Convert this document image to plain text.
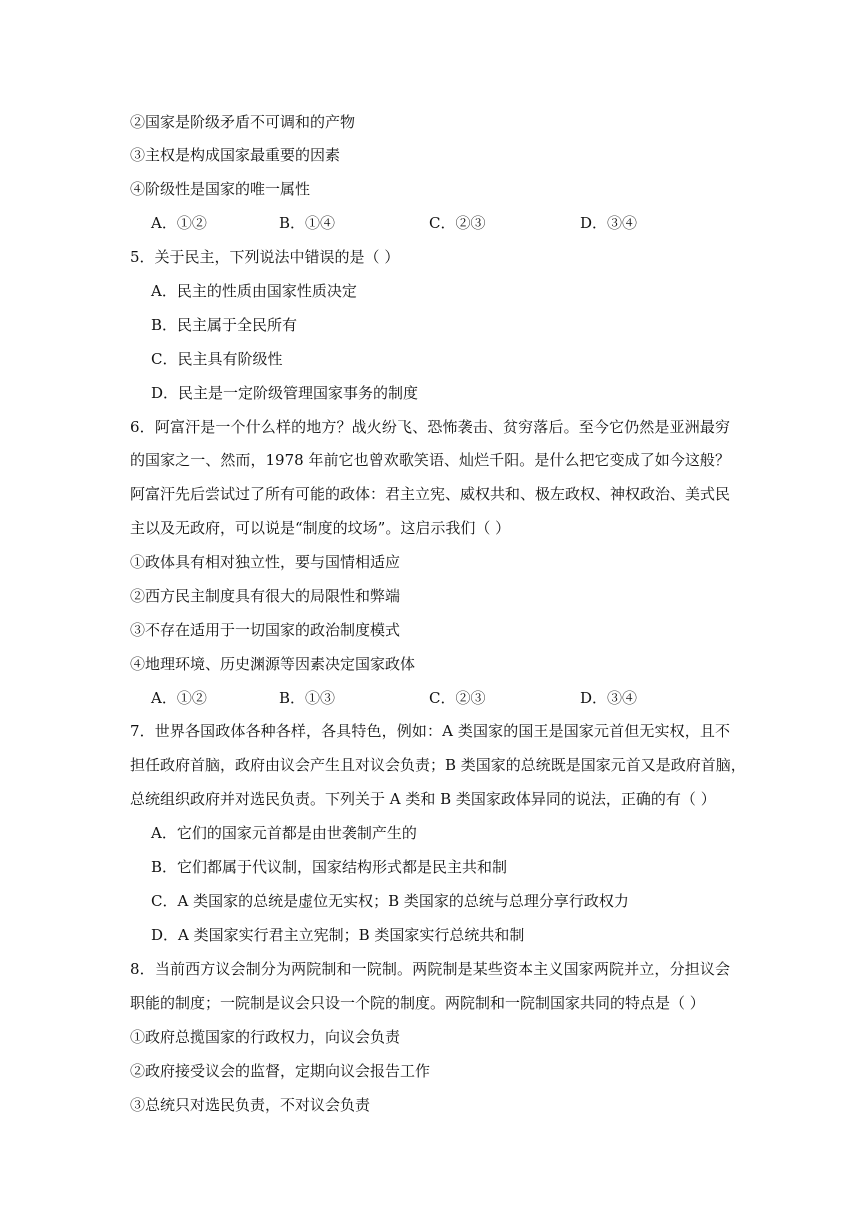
②国家是阶级矛盾不可调和的产物
③主权是构成国家最重要的因素
④阶级性是国家的唯一属性
A．①②	B．①④	C．②③	D．③④
5．关于民主，下列说法中错误的是（ ）
A．民主的性质由国家性质决定
B．民主属于全民所有
C．民主具有阶级性
D．民主是一定阶级管理国家事务的制度
6．阿富汗是一个什么样的地方？战火纷飞、恐怖袭击、贫穷落后。至今它仍然是亚洲最穷
的国家之一、然而，1978 年前它也曾欢歌笑语、灿烂千阳。是什么把它变成了如今这般？
阿富汗先后尝试过了所有可能的政体：君主立宪、威权共和、极左政权、神权政治、美式民
主以及无政府，可以说是“制度的坟场”。这启示我们（ ）
①政体具有相对独立性，要与国情相适应
②西方民主制度具有很大的局限性和弊端
③不存在适用于一切国家的政治制度模式
④地理环境、历史渊源等因素决定国家政体
A．①②	B．①③	C．②③	D．③④
7．世界各国政体各种各样，各具特色，例如：A 类国家的国王是国家元首但无实权，且不
担任政府首脑，政府由议会产生且对议会负责；B 类国家的总统既是国家元首又是政府首脑，
总统组织政府并对选民负责。下列关于 A 类和 B 类国家政体异同的说法，正确的有（ ）
A．它们的国家元首都是由世袭制产生的
B．它们都属于代议制，国家结构形式都是民主共和制
C．A 类国家的总统是虚位无实权；B 类国家的总统与总理分享行政权力
D．A 类国家实行君主立宪制；B 类国家实行总统共和制
8．当前西方议会制分为两院制和一院制。两院制是某些资本主义国家两院并立，分担议会
职能的制度；一院制是议会只设一个院的制度。两院制和一院制国家共同的特点是（ ）
①政府总揽国家的行政权力，向议会负责
②政府接受议会的监督，定期向议会报告工作
③总统只对选民负责，不对议会负责
